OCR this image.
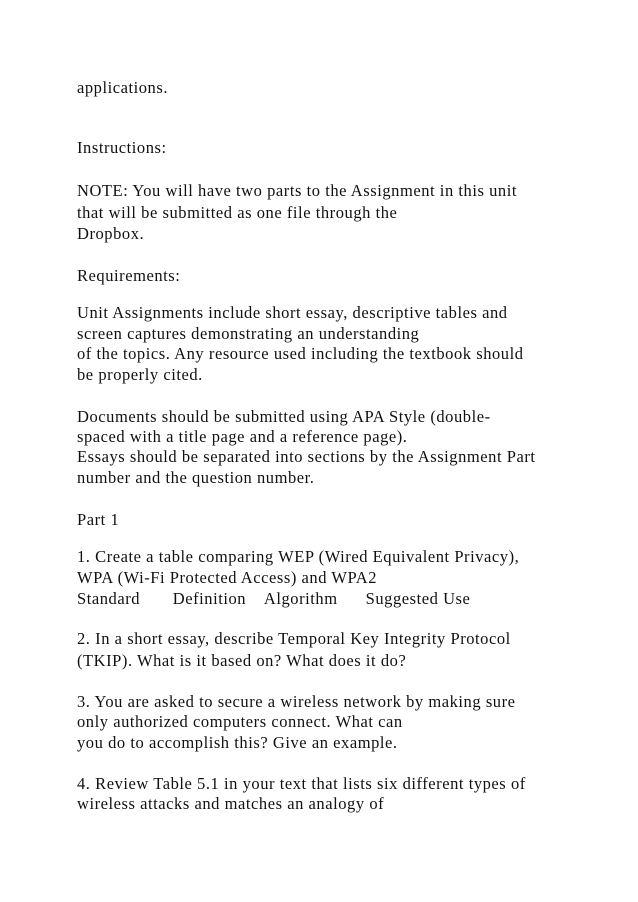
applications.

Instructions:

NOTE: You will have two parts to the Assignment in this unit

that will be submitted as one file through the

Dropbox.

Requirements:

Unit Assignments include short essay, descriptive tables and

screen captures demonstrating an understanding

of the topics. Any resource used including the textbook should

be properly cited.

Documents should be submitted using APA Style (double-

spaced with a title page and a reference page).

Essays should be separated into sections by the Assignment Part

number and the question number.

Part 1

1. Create a table comparing WEP (Wired Equivalent Privacy),

WPA (Wi-Fi Protected Access) and WPA2

Standard       Definition    Algorithm      Suggested Use

2. In a short essay, describe Temporal Key Integrity Protocol

(TKIP). What is it based on? What does it do?

3. You are asked to secure a wireless network by making sure

only authorized computers connect. What can

you do to accomplish this? Give an example.

4. Review Table 5.1 in your text that lists six different types of

wireless attacks and matches an analogy of
